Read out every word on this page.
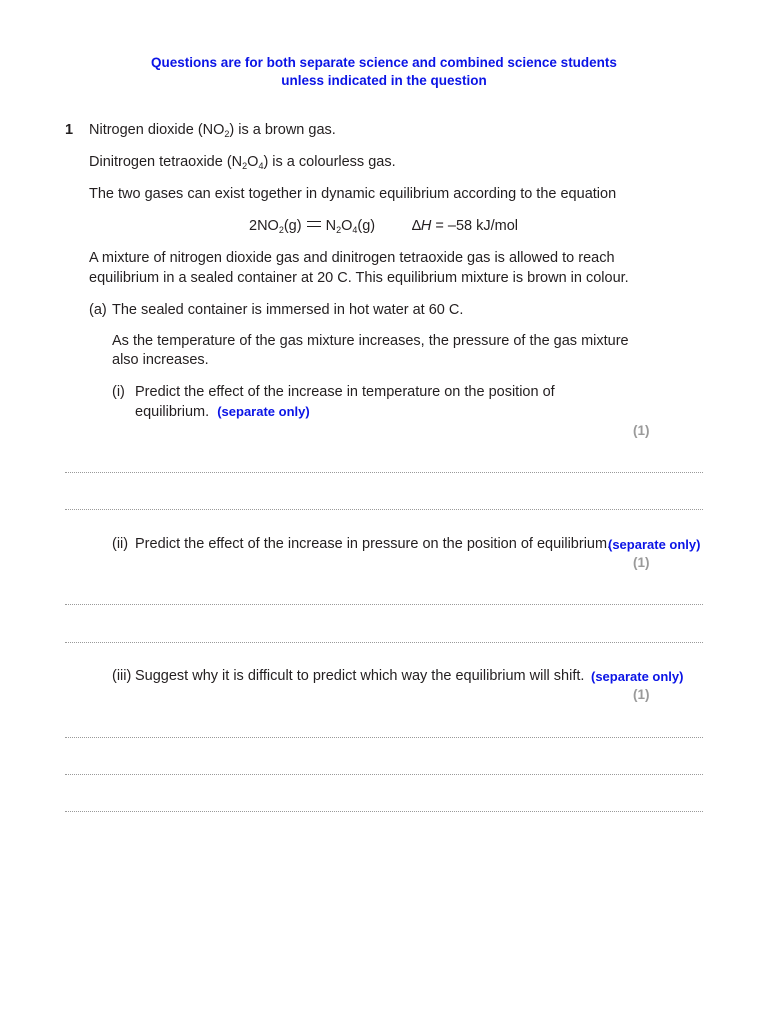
Questions are for both separate science and combined science students
unless indicated in the question
1 Nitrogen dioxide $(NO_2)$ is a brown gas.
Dinitrogen tetraoxide $(N_2O_4)$ is a colourless gas.
The two gases can exist together in dynamic equilibrium according to the equation
$2NO_2(g)$ $N_2O_4(g)$	∆H = –58 kJ/mol
A mixture of nitrogen dioxide gas and dinitrogen tetraoxide gas is allowed to reach
equilibrium in a sealed container at 20 C. This equilibrium mixture is brown in colour.
(a) The sealed container is immersed in hot water at 60 C.
As the temperature of the gas mixture increases, the pressure of the gas mixture
also increases.
(i) Predict the effect of the increase in temperature on the position of
equilibrium. (separate only)
(1)
(ii) Predict the effect of the increase in pressure on the position of equilibrium.
(separate only)
(1)
(iii) Suggest why it is difficult to predict which way the equilibrium will shift. (separate only)
(1)
